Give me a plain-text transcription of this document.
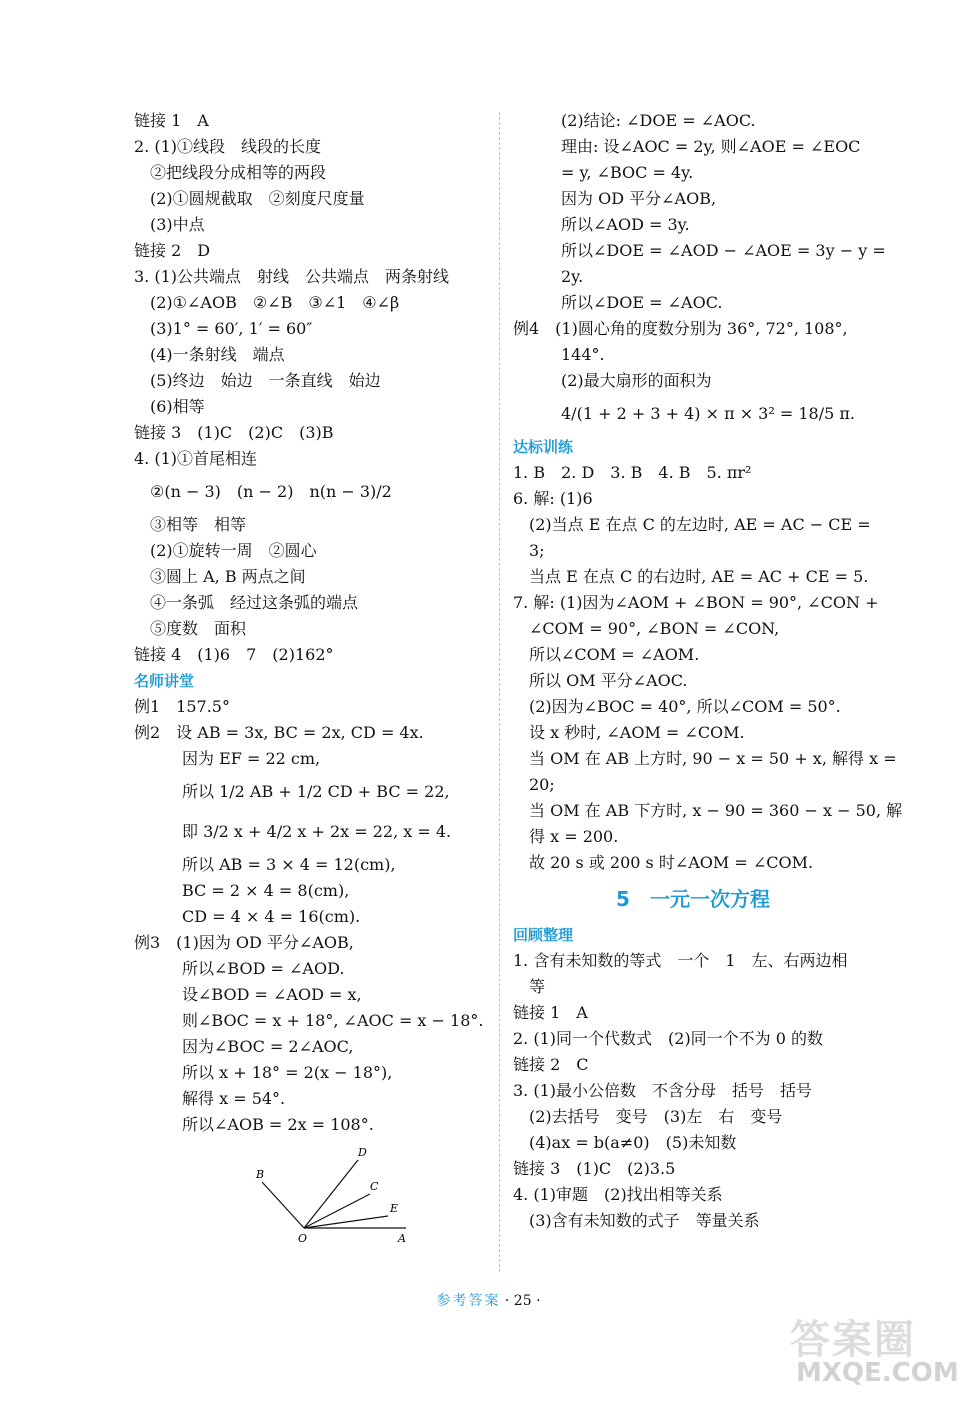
链接 1　A
2. (1)①线段　线段的长度
②把线段分成相等的两段
(2)①圆规截取　②刻度尺度量
(3)中点
链接 2　D
3. (1)公共端点　射线　公共端点　两条射线
(2)①∠AOB　②∠B　③∠1　④∠β
(3)1° = 60′, 1′ = 60″
(4)一条射线　端点
(5)终边　始边　一条直线　始边
(6)相等
链接 3　(1)C　(2)C　(3)B
4. (1)①首尾相连
②(n − 3)　(n − 2)　n(n − 3)/2
③相等　相等
(2)①旋转一周　②圆心
③圆上 A, B 两点之间
④一条弧　经过这条弧的端点
⑤度数　面积
链接 4　(1)6　7　(2)162°
名师讲堂
例1　157.5°
例2　设 AB = 3x, BC = 2x, CD = 4x.
因为 EF = 22 cm,
所以 1/2 AB + 1/2 CD + BC = 22,
即 3/2 x + 4/2 x + 2x = 22, x = 4.
所以 AB = 3 × 4 = 12(cm),
BC = 2 × 4 = 8(cm),
CD = 4 × 4 = 16(cm).
例3　(1)因为 OD 平分∠AOB,
所以∠BOD = ∠AOD.
设∠BOD = ∠AOD = x,
则∠BOC = x + 18°, ∠AOC = x − 18°.
因为∠BOC = 2∠AOC,
所以 x + 18° = 2(x − 18°),
解得 x = 54°.
所以∠AOB = 2x = 108°.
B
D
C
E
O	A
(2)结论: ∠DOE = ∠AOC.
理由: 设∠AOC = 2y, 则∠AOE = ∠EOC
= y, ∠BOC = 4y.
因为 OD 平分∠AOB,
所以∠AOD = 3y.
所以∠DOE = ∠AOD − ∠AOE = 3y − y =
2y.
所以∠DOE = ∠AOC.
例4　(1)圆心角的度数分别为 36°, 72°, 108°,
144°.
(2)最大扇形的面积为
4/(1 + 2 + 3 + 4) × π × 3² = 18/5 π.
达标训练
1. B　2. D　3. B　4. B　5. πr²
6. 解: (1)6
(2)当点 E 在点 C 的左边时, AE = AC − CE =
3;
当点 E 在点 C 的右边时, AE = AC + CE = 5.
7. 解: (1)因为∠AOM + ∠BON = 90°, ∠CON +
∠COM = 90°, ∠BON = ∠CON,
所以∠COM = ∠AOM.
所以 OM 平分∠AOC.
(2)因为∠BOC = 40°, 所以∠COM = 50°.
设 x 秒时, ∠AOM = ∠COM.
当 OM 在 AB 上方时, 90 − x = 50 + x, 解得 x =
20;
当 OM 在 AB 下方时, x − 90 = 360 − x − 50, 解
得 x = 200.
故 20 s 或 200 s 时∠AOM = ∠COM.
5　一元一次方程
回顾整理
1. 含有未知数的等式　一个　1　左、右两边相
等
链接 1　A
2. (1)同一个代数式　(2)同一个不为 0 的数
链接 2　C
3. (1)最小公倍数　不含分母　括号　括号
(2)去括号　变号　(3)左　右　变号
(4)ax = b(a≠0)　(5)未知数
链接 3　(1)C　(2)3.5
4. (1)审题　(2)找出相等关系
(3)含有未知数的式子　等量关系
参考答案 · 25 ·
答案圈
MXQE.COM
